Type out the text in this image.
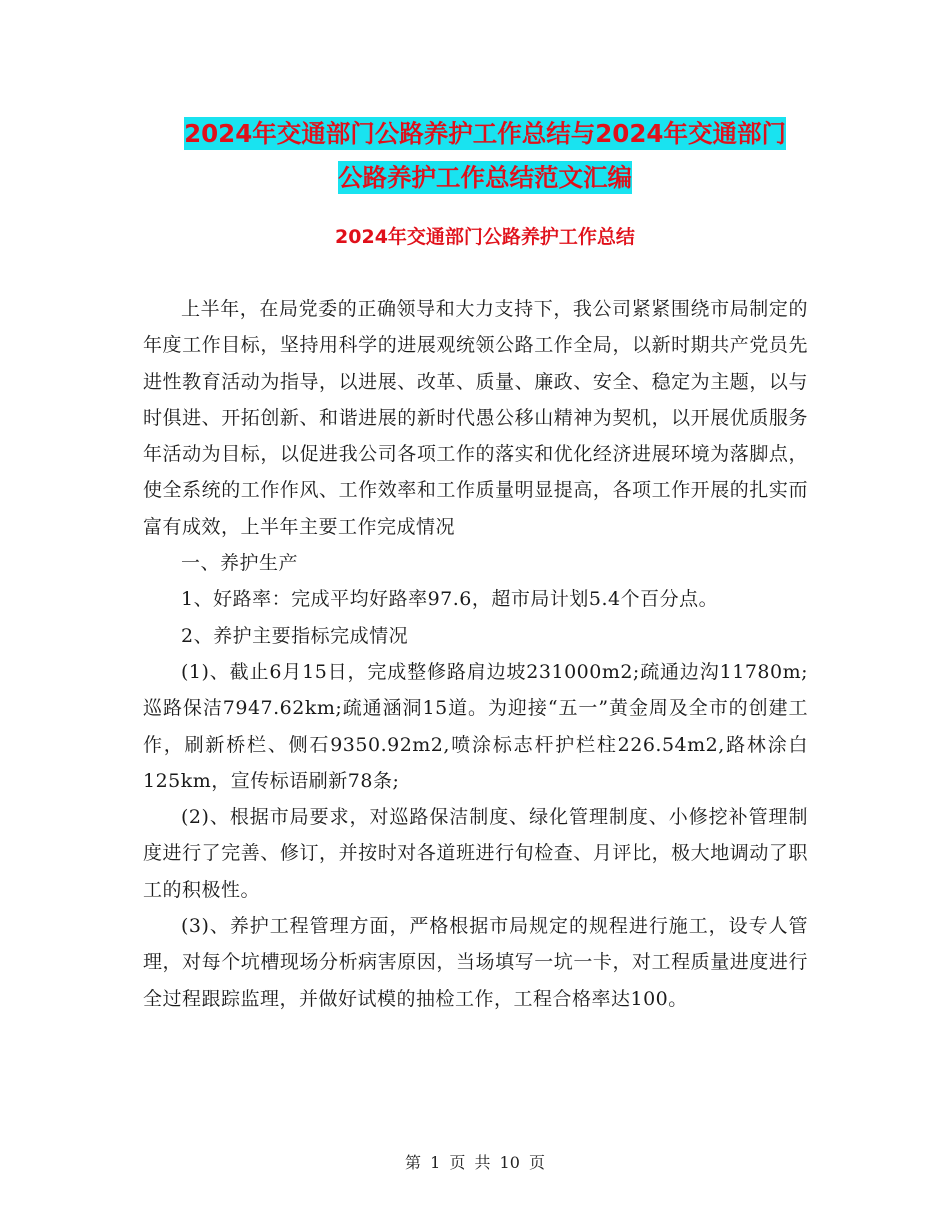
2024年交通部门公路养护工作总结与2024年交通部门
公路养护工作总结范文汇编
2024年交通部门公路养护工作总结

上半年，在局党委的正确领导和大力支持下，我公司紧紧围绕市局制定的年度工作目标，坚持用科学的进展观统领公路工作全局，以新时期共产党员先进性教育活动为指导，以进展、改革、质量、廉政、安全、稳定为主题，以与时俱进、开拓创新、和谐进展的新时代愚公移山精神为契机，以开展优质服务年活动为目标，以促进我公司各项工作的落实和优化经济进展环境为落脚点，使全系统的工作作风、工作效率和工作质量明显提高，各项工作开展的扎实而富有成效，上半年主要工作完成情况

一、养护生产

1、好路率：完成平均好路率97.6，超市局计划5.4个百分点。

2、养护主要指标完成情况

(1)、截止6月15日，完成整修路肩边坡231000m2;疏通边沟11780m;巡路保洁7947.62km;疏通涵洞15道。为迎接“五一”黄金周及全市的创建工作，刷新桥栏、侧石9350.92m2,喷涂标志杆护栏柱226.54m2,路林涂白125km，宣传标语刷新78条;

(2)、根据市局要求，对巡路保洁制度、绿化管理制度、小修挖补管理制度进行了完善、修订，并按时对各道班进行旬检查、月评比，极大地调动了职工的积极性。

(3)、养护工程管理方面，严格根据市局规定的规程进行施工，设专人管理，对每个坑槽现场分析病害原因，当场填写一坑一卡，对工程质量进度进行全过程跟踪监理，并做好试模的抽检工作，工程合格率达100。

第 1 页 共 10 页
